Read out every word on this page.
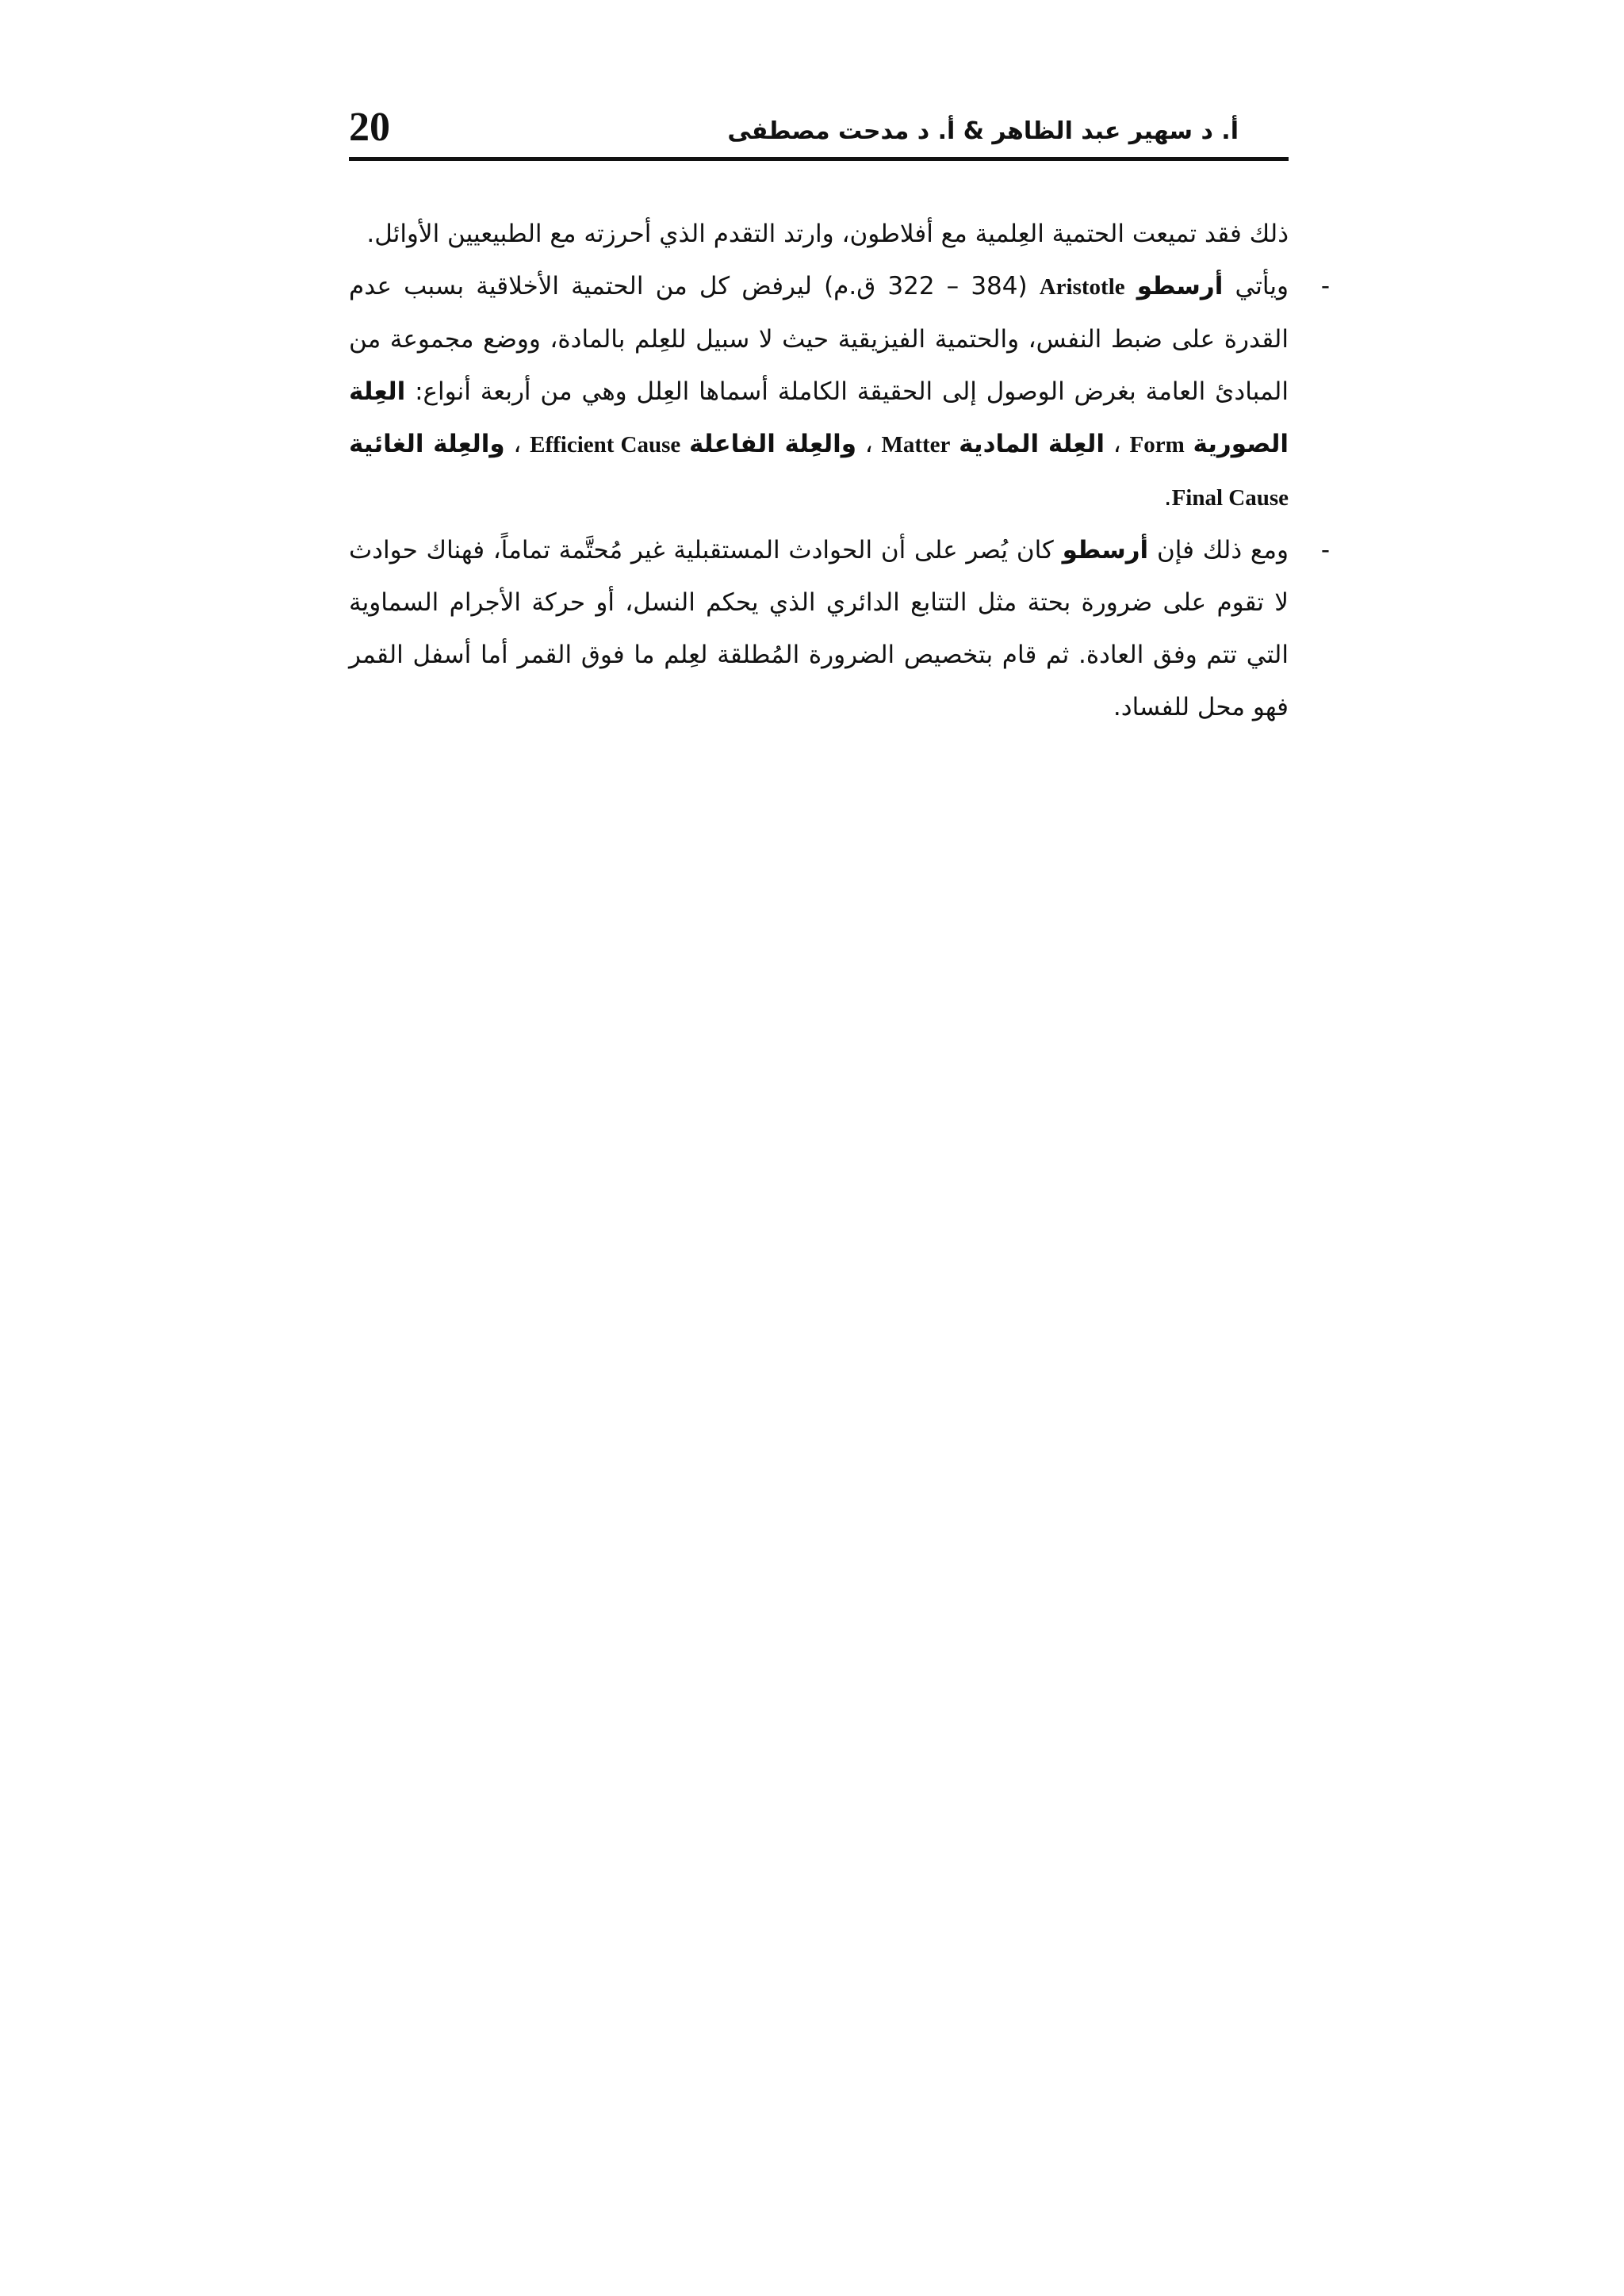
20	أ. د سهير عبد الظاهر & أ. د مدحت مصطفى

ذلك فقد تميعت الحتمية العِلمية مع أفلاطون، وارتد التقدم الذي أحرزته مع الطبيعيين الأوائل.

-
ويأتي أرسطو Aristotle (384 – 322 ق.م) ليرفض كل من الحتمية الأخلاقية بسبب عدم القدرة على ضبط النفس، والحتمية الفيزيقية حيث لا سبيل للعِلم بالمادة، ووضع مجموعة من المبادئ العامة بغرض الوصول إلى الحقيقة الكاملة أسماها العِلل وهي من أربعة أنواع: العِلة الصورية Form ، العِلة المادية Matter ، والعِلة الفاعلة Efficient Cause ، والعِلة الغائية Final Cause.

-
ومع ذلك فإن أرسطو كان يُصر على أن الحوادث المستقبلية غير مُحتَّمة تماماً، فهناك حوادث لا تقوم على ضرورة بحتة مثل التتابع الدائري الذي يحكم النسل، أو حركة الأجرام السماوية التي تتم وفق العادة. ثم قام بتخصيص الضرورة المُطلقة لعِلم ما فوق القمر أما أسفل القمر فهو محل للفساد.
